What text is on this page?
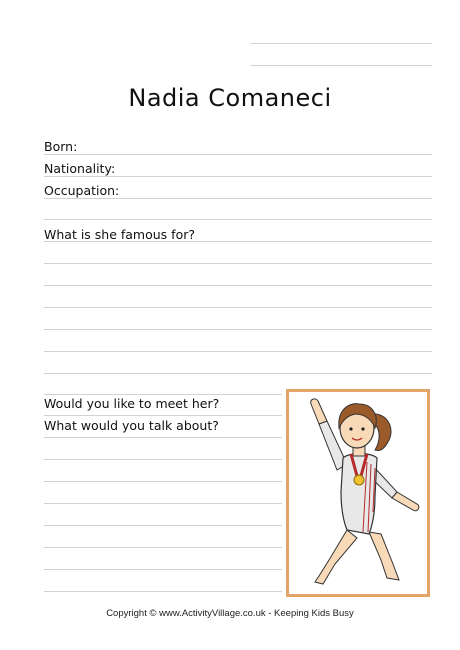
Nadia Comaneci
Born:
Nationality:
Occupation:
What is she famous for?
Would you like to meet her?
What would you talk about?
Copyright © www.ActivityVillage.co.uk - Keeping Kids Busy
